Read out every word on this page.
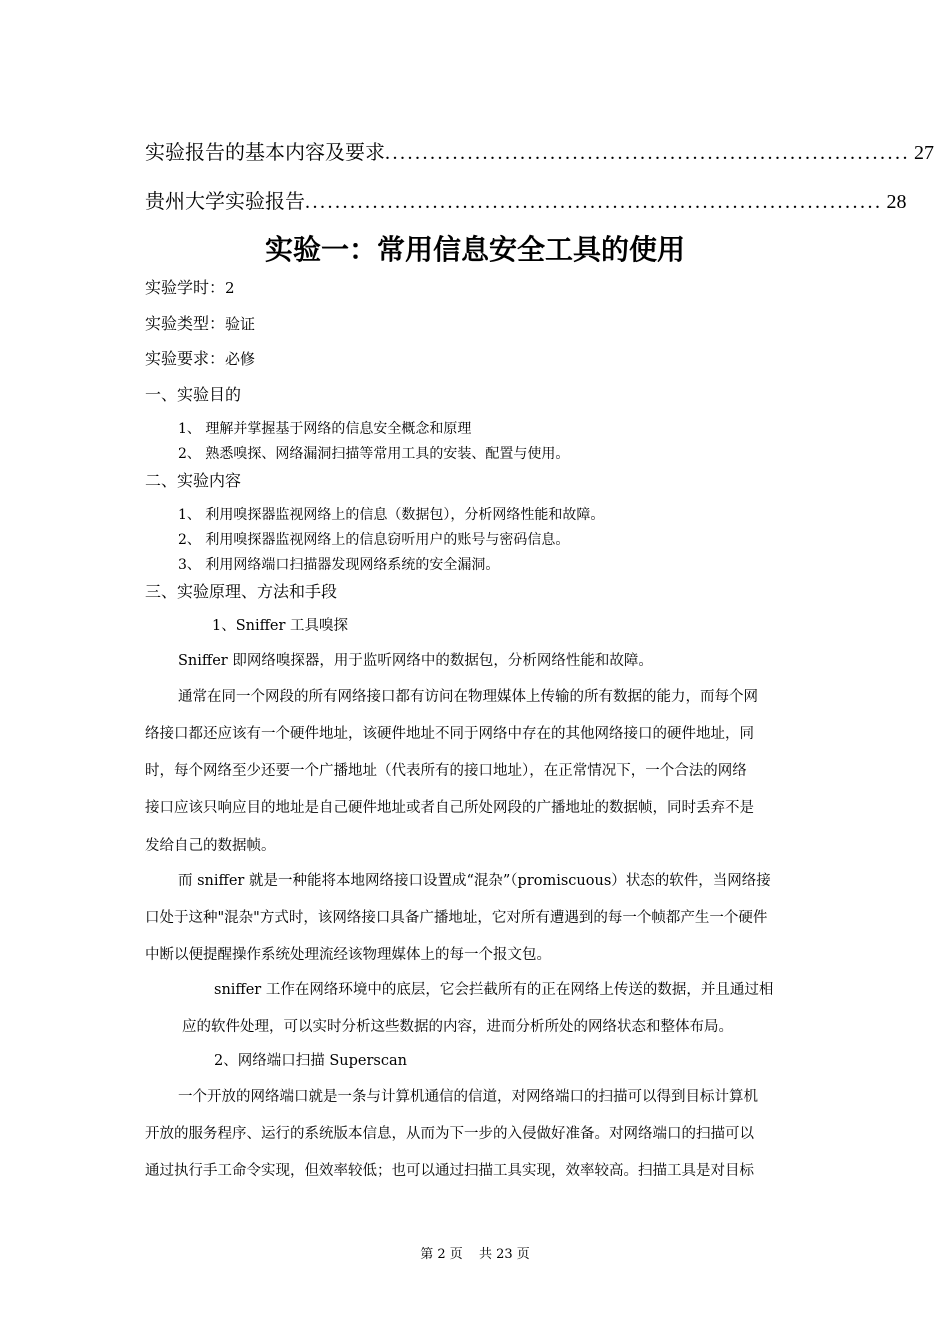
实验报告的基本内容及要求 ...................................................................... 27
贵州大学实验报告 ............................................................................. 28
实验一：常用信息安全工具的使用
实验学时：2
实验类型：验证
实验要求：必修
一、实验目的
1、 理解并掌握基于网络的信息安全概念和原理
2、 熟悉嗅探、网络漏洞扫描等常用工具的安装、配置与使用。
二、实验内容
1、 利用嗅探器监视网络上的信息（数据包），分析网络性能和故障。
2、 利用嗅探器监视网络上的信息窃听用户的账号与密码信息。
3、 利用网络端口扫描器发现网络系统的安全漏洞。
三、实验原理、方法和手段
1、Sniffer 工具嗅探
Sniffer 即网络嗅探器，用于监听网络中的数据包，分析网络性能和故障。
通常在同一个网段的所有网络接口都有访问在物理媒体上传输的所有数据的能力，而每个网
络接口都还应该有一个硬件地址，该硬件地址不同于网络中存在的其他网络接口的硬件地址，同
时，每个网络至少还要一个广播地址（代表所有的接口地址），在正常情况下，一个合法的网络
接口应该只响应目的地址是自己硬件地址或者自己所处网段的广播地址的数据帧，同时丢弃不是
发给自己的数据帧。
而 sniffer 就是一种能将本地网络接口设置成“混杂”（promiscuous）状态的软件，当网络接
口处于这种"混杂"方式时，该网络接口具备广播地址，它对所有遭遇到的每一个帧都产生一个硬件
中断以便提醒操作系统处理流经该物理媒体上的每一个报文包。
sniffer 工作在网络环境中的底层，它会拦截所有的正在网络上传送的数据，并且通过相
应的软件处理，可以实时分析这些数据的内容，进而分析所处的网络状态和整体布局。
2、网络端口扫描 Superscan
一个开放的网络端口就是一条与计算机通信的信道，对网络端口的扫描可以得到目标计算机
开放的服务程序、运行的系统版本信息，从而为下一步的入侵做好准备。对网络端口的扫描可以
通过执行手工命令实现，但效率较低；也可以通过扫描工具实现，效率较高。扫描工具是对目标
第 2 页 共 23 页
